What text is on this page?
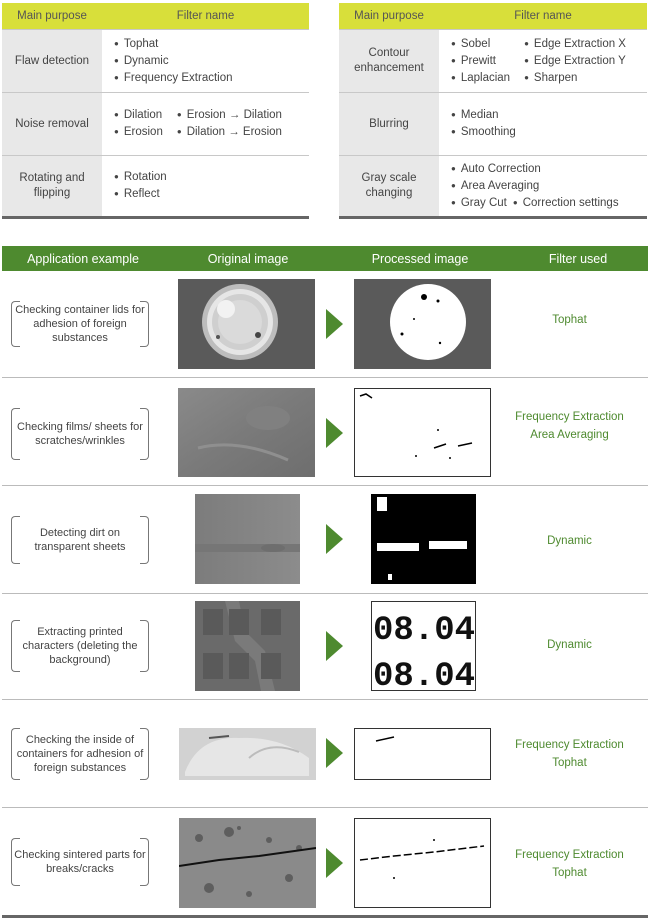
Main purpose	Filter name
Flaw detection
● Tophat
● Dynamic
● Frequency Extraction
Noise removal
● Dilation
● Erosion
● Erosion → Dilation
● Dilation → Erosion
Rotating and flipping
● Rotation
● Reflect
Main purpose	Filter name
Contour enhancement
● Sobel
● Prewitt
● Laplacian
● Edge Extraction X
● Edge Extraction Y
● Sharpen
Blurring
● Median
● Smoothing
Gray scale changing
● Auto Correction
● Area Averaging
● Gray Cut
●	Correction settings
Application example	Original image	Processed image	Filter used
Checking container lids for adhesion of foreign substances
Tophat
Checking films/ sheets for scratches/wrinkles
Frequency Extraction
Area Averaging
Detecting dirt on transparent sheets	Dynamic
Extracting printed characters (deleting the background)
08.04
08.04
Dynamic
Checking the inside of containers for adhesion of foreign substances
Frequency Extraction
Tophat
Checking sintered parts for breaks/cracks
Frequency Extraction
Tophat
